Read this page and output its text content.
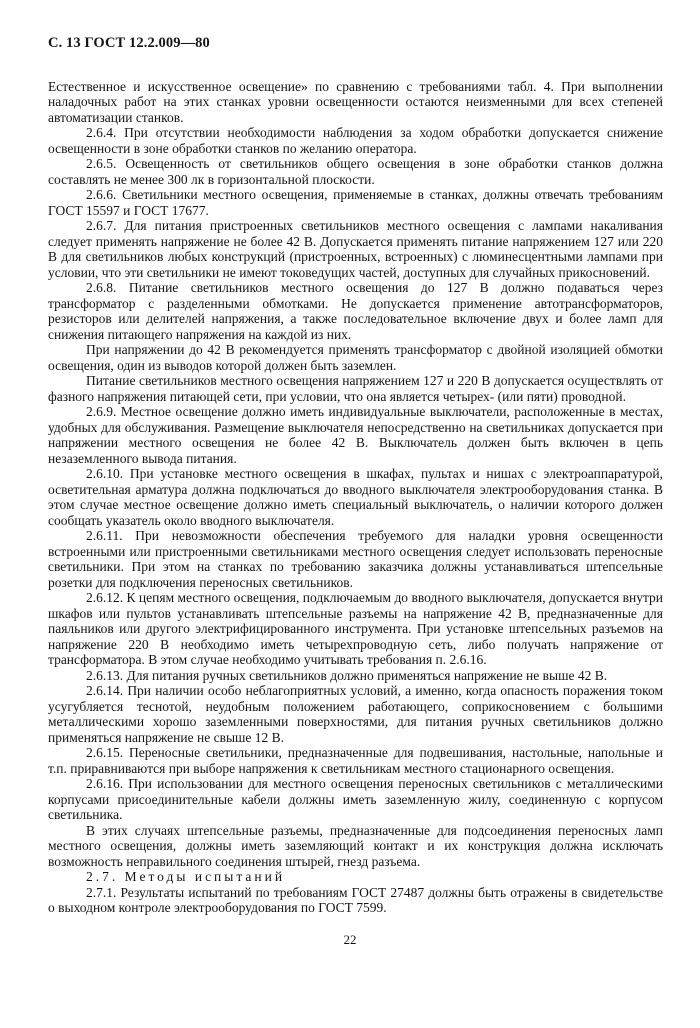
С. 13 ГОСТ 12.2.009—80

Естественное и искусственное освещение» по сравнению с требованиями табл. 4. При выполнении наладочных работ на этих станках уровни освещенности остаются неизменными для всех степеней автоматизации станков.

2.6.4. При отсутствии необходимости наблюдения за ходом обработки допускается снижение освещенности в зоне обработки станков по желанию оператора.

2.6.5. Освещенность от светильников общего освещения в зоне обработки станков должна составлять не менее 300 лк в горизонтальной плоскости.

2.6.6. Светильники местного освещения, применяемые в станках, должны отвечать требованиям ГОСТ 15597 и ГОСТ 17677.

2.6.7. Для питания пристроенных светильников местного освещения с лампами накаливания следует применять напряжение не более 42 В. Допускается применять питание напряжением 127 или 220 В для светильников любых конструкций (пристроенных, встроенных) с люминесцентными лампами при условии, что эти светильники не имеют токоведущих частей, доступных для случайных прикосновений.

2.6.8. Питание светильников местного освещения до 127 В должно подаваться через трансформатор с разделенными обмотками. Не допускается применение автотрансформаторов, резисторов или делителей напряжения, а также последовательное включение двух и более ламп для снижения питающего напряжения на каждой из них.

При напряжении до 42 В рекомендуется применять трансформатор с двойной изоляцией обмотки освещения, один из выводов которой должен быть заземлен.

Питание светильников местного освещения напряжением 127 и 220 В допускается осуществлять от фазного напряжения питающей сети, при условии, что она является четырех- (или пяти) проводной.

2.6.9. Местное освещение должно иметь индивидуальные выключатели, расположенные в местах, удобных для обслуживания. Размещение выключателя непосредственно на светильниках допускается при напряжении местного освещения не более 42 В. Выключатель должен быть включен в цепь незаземленного вывода питания.

2.6.10. При установке местного освещения в шкафах, пультах и нишах с электроаппаратурой, осветительная арматура должна подключаться до вводного выключателя электрооборудования станка. В этом случае местное освещение должно иметь специальный выключатель, о наличии которого должен сообщать указатель около вводного выключателя.

2.6.11. При невозможности обеспечения требуемого для наладки уровня освещенности встроенными или пристроенными светильниками местного освещения следует использовать переносные светильники. При этом на станках по требованию заказчика должны устанавливаться штепсельные розетки для подключения переносных светильников.

2.6.12. К цепям местного освещения, подключаемым до вводного выключателя, допускается внутри шкафов или пультов устанавливать штепсельные разъемы на напряжение 42 В, предназначенные для паяльников или другого электрифицированного инструмента. При установке штепсельных разъемов на напряжение 220 В необходимо иметь четырехпроводную сеть, либо получать напряжение от трансформатора. В этом случае необходимо учитывать требования п. 2.6.16.

2.6.13. Для питания ручных светильников должно применяться напряжение не выше 42 В.

2.6.14. При наличии особо неблагоприятных условий, а именно, когда опасность поражения током усугубляется теснотой, неудобным положением работающего, соприкосновением с большими металлическими хорошо заземленными поверхностями, для питания ручных светильников должно применяться напряжение не свыше 12 В.

2.6.15. Переносные светильники, предназначенные для подвешивания, настольные, напольные и т.п. приравниваются при выборе напряжения к светильникам местного стационарного освещения.

2.6.16. При использовании для местного освещения переносных светильников с металлическими корпусами присоединительные кабели должны иметь заземленную жилу, соединенную с корпусом светильника.

В этих случаях штепсельные разъемы, предназначенные для подсоединения переносных ламп местного освещения, должны иметь заземляющий контакт и их конструкция должна исключать возможность неправильного соединения штырей, гнезд разъема.

2.7. Методы испытаний

2.7.1. Результаты испытаний по требованиям ГОСТ 27487 должны быть отражены в свидетельстве о выходном контроле электрооборудования по ГОСТ 7599.

22
